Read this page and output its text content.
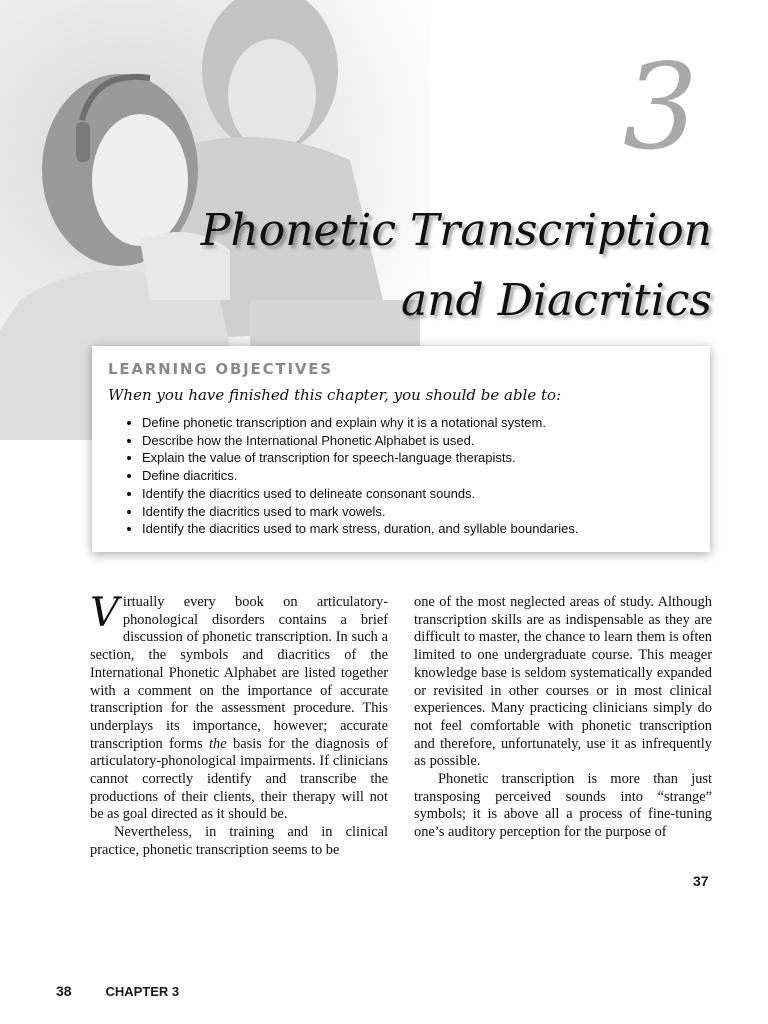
3
Phonetic Transcription
and Diacritics
LEARNING OBJECTIVES
When you have finished this chapter, you should be able to:
• Define phonetic transcription and explain why it is a notational system.
• Describe how the International Phonetic Alphabet is used.
• Explain the value of transcription for speech-language therapists.
• Define diacritics.
• Identify the diacritics used to delineate consonant sounds.
• Identify the diacritics used to mark vowels.
• Identify the diacritics used to mark stress, duration, and syllable boundaries.

Virtually every book on articulatory-phonological disorders contains a brief discussion of phonetic transcription. In such a section, the symbols and diacritics of the International Phonetic Alphabet are listed together with a comment on the importance of accurate transcription for the assessment procedure. This underplays its importance, however; accurate transcription forms the basis for the diagnosis of articulatory-phonological impairments. If clinicians cannot correctly identify and transcribe the productions of their clients, their therapy will not be as goal directed as it should be.

Nevertheless, in training and in clinical practice, phonetic transcription seems to be

one of the most neglected areas of study. Although transcription skills are as indispensable as they are difficult to master, the chance to learn them is often limited to one undergraduate course. This meager knowledge base is seldom systematically expanded or revisited in other courses or in most clinical experiences. Many practicing clinicians simply do not feel comfortable with phonetic transcription and therefore, unfortunately, use it as infrequently as possible.

Phonetic transcription is more than just transposing perceived sounds into “strange” symbols; it is above all a process of fine-tuning one’s auditory perception for the purpose of

37
38	CHAPTER 3
